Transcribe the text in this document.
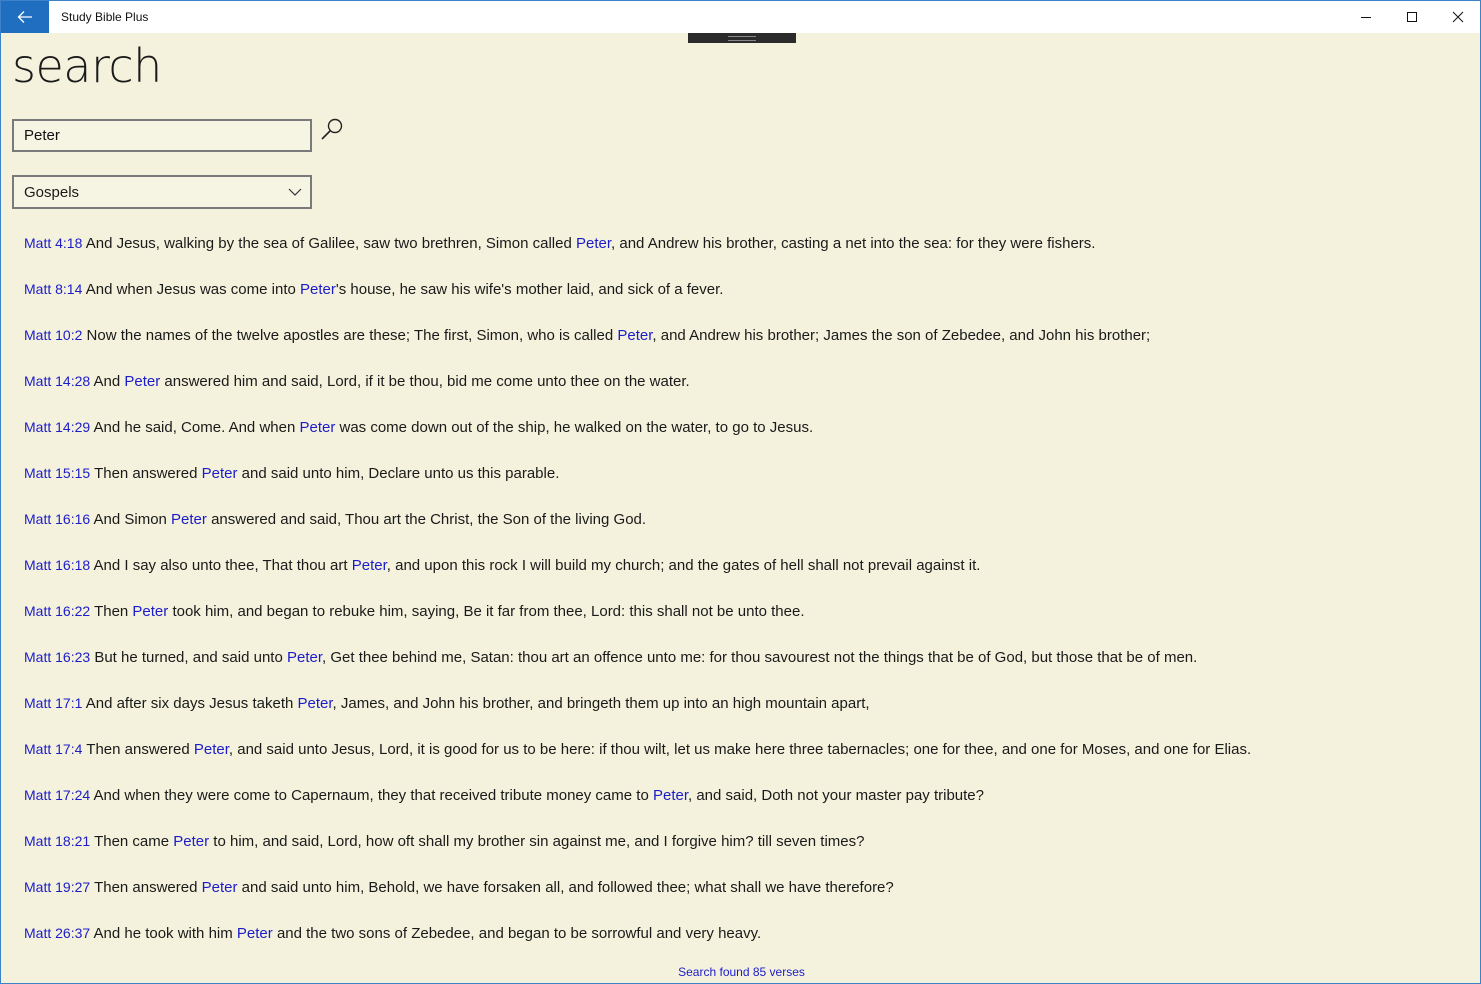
Study Bible Plus
search
Peter
Gospels
Matt 4:18 And Jesus, walking by the sea of Galilee, saw two brethren, Simon called Peter, and Andrew his brother, casting a net into the sea: for they were fishers.
Matt 8:14 And when Jesus was come into Peter's house, he saw his wife's mother laid, and sick of a fever.
Matt 10:2 Now the names of the twelve apostles are these; The first, Simon, who is called Peter, and Andrew his brother; James the son of Zebedee, and John his brother;
Matt 14:28 And Peter answered him and said, Lord, if it be thou, bid me come unto thee on the water.
Matt 14:29 And he said, Come. And when Peter was come down out of the ship, he walked on the water, to go to Jesus.
Matt 15:15 Then answered Peter and said unto him, Declare unto us this parable.
Matt 16:16 And Simon Peter answered and said, Thou art the Christ, the Son of the living God.
Matt 16:18 And I say also unto thee, That thou art Peter, and upon this rock I will build my church; and the gates of hell shall not prevail against it.
Matt 16:22 Then Peter took him, and began to rebuke him, saying, Be it far from thee, Lord: this shall not be unto thee.
Matt 16:23 But he turned, and said unto Peter, Get thee behind me, Satan: thou art an offence unto me: for thou savourest not the things that be of God, but those that be of men.
Matt 17:1 And after six days Jesus taketh Peter, James, and John his brother, and bringeth them up into an high mountain apart,
Matt 17:4 Then answered Peter, and said unto Jesus, Lord, it is good for us to be here: if thou wilt, let us make here three tabernacles; one for thee, and one for Moses, and one for Elias.
Matt 17:24 And when they were come to Capernaum, they that received tribute money came to Peter, and said, Doth not your master pay tribute?
Matt 18:21 Then came Peter to him, and said, Lord, how oft shall my brother sin against me, and I forgive him? till seven times?
Matt 19:27 Then answered Peter and said unto him, Behold, we have forsaken all, and followed thee; what shall we have therefore?
Matt 26:37 And he took with him Peter and the two sons of Zebedee, and began to be sorrowful and very heavy.
Search found 85 verses
